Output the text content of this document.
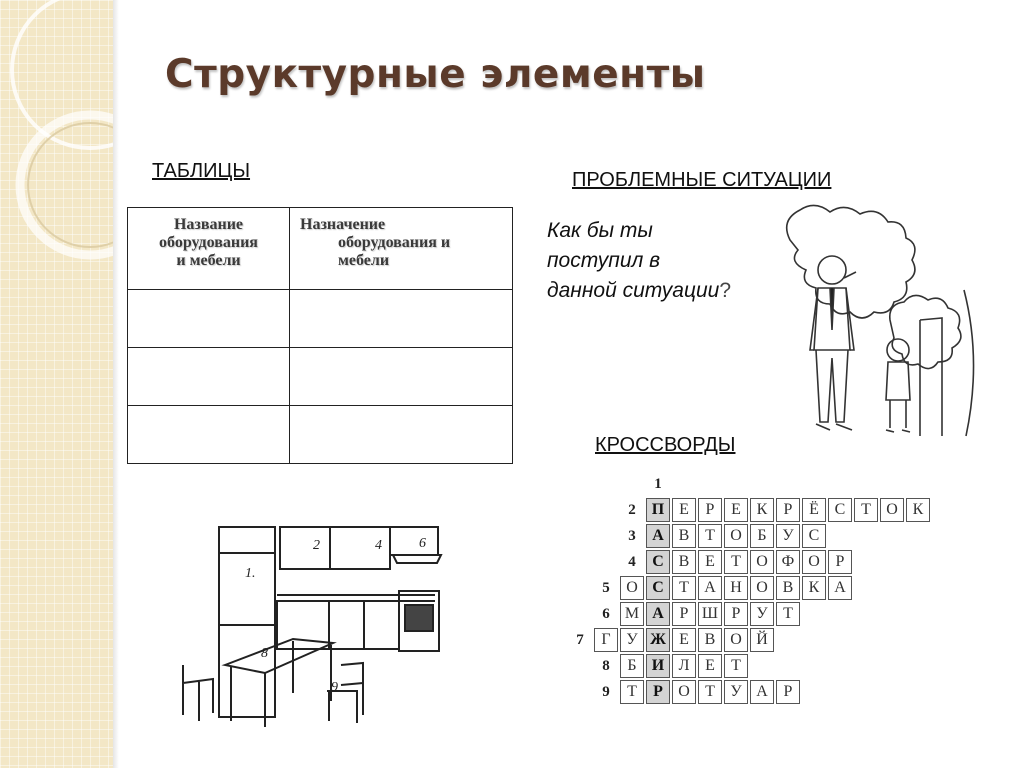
Структурные элементы
ТАБЛИЦЫ	ПРОБЛЕМНЫЕ СИТУАЦИИ
КРОССВОРДЫ
Название
оборудования
и мебели	Назначение
оборудования и
мебели

Как бы ты
поступил в
данной ситуации?
1.
2	4	6
8
9
2	П Е	Р	Е К	Р	Ё С Т О К
3	А В Т О Б У С
4	С В Е	Т О Ф О Р
5	О С Т А Н О В К А
6 М А Р Ш Р У Т
7	Г У Ж Е В О Й
8	Б И Л Е	Т
9	Т	Р О Т У А Р
1
